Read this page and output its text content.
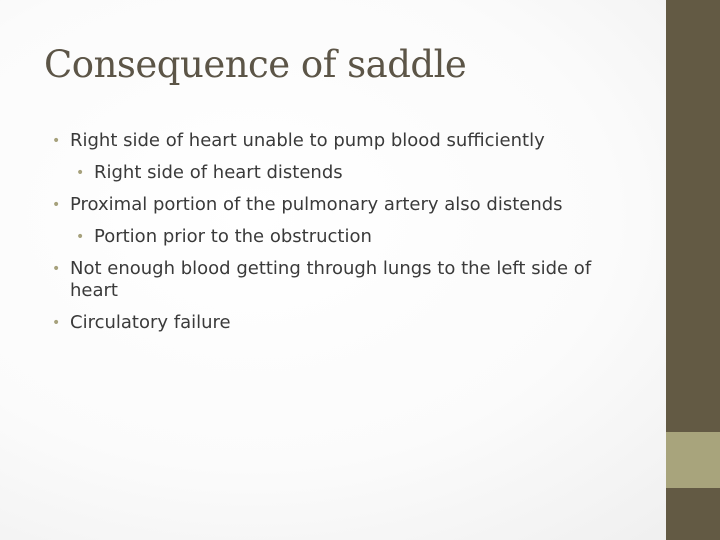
Consequence of saddle
• Right side of heart unable to pump blood sufficiently
• Right side of heart distends
• Proximal portion of the pulmonary artery also distends
• Portion prior to the obstruction
• Not enough blood getting through lungs to the left side of heart
• Circulatory failure
